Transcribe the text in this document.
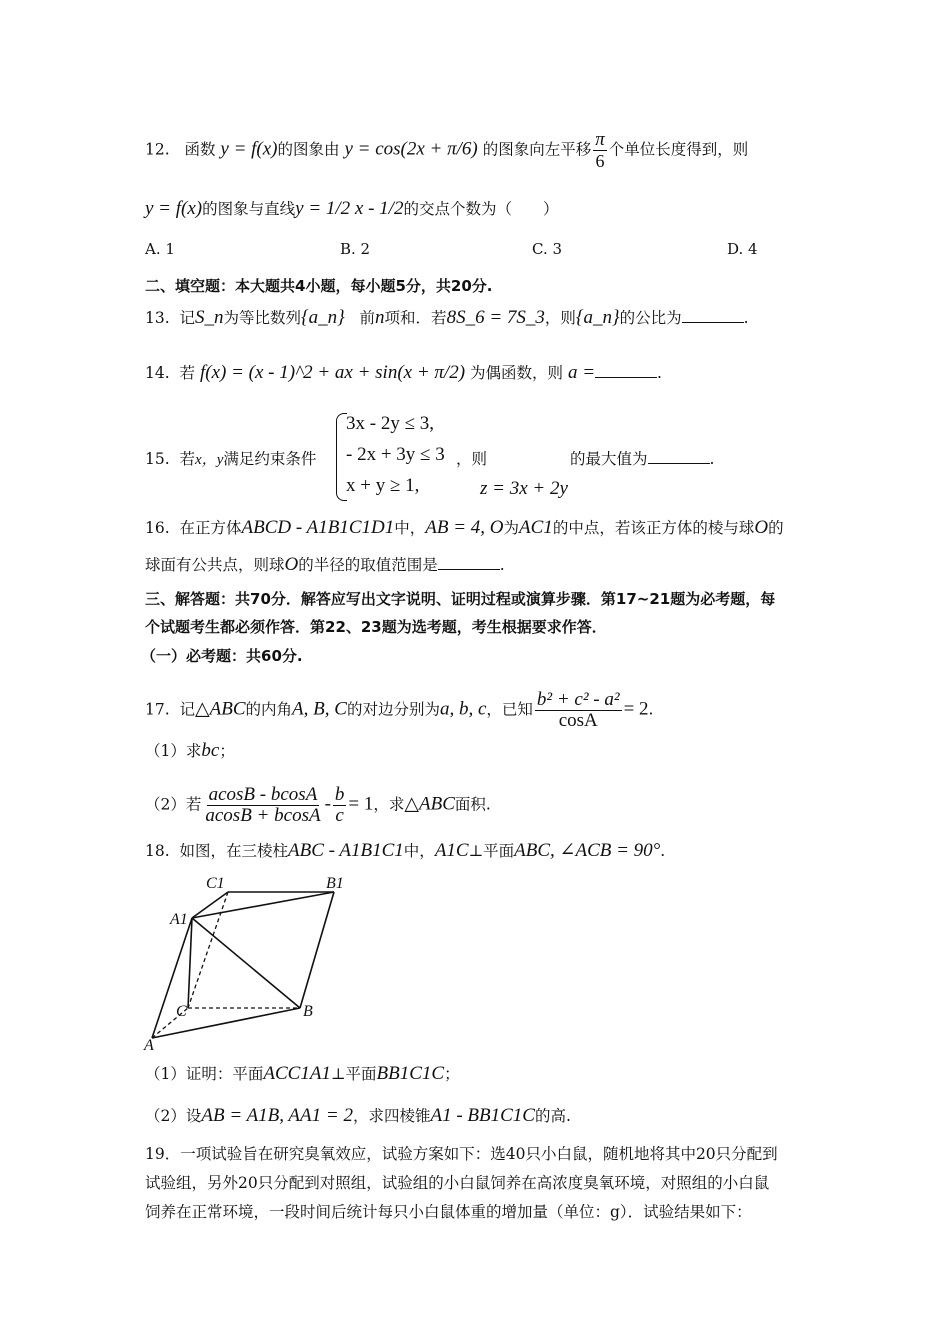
12. 函数 y = f(x)的图象由 y = cos(2x + π/6) 的图象向左平移 $\frac{\pi}{6}$ 个单位长度得到，则
y = f(x)的图象与直线y = 1/2 x - 1/2的交点个数为（　　）
A. 1	B. 2	C. 3	D. 4
二、填空题：本大题共4小题，每小题5分，共20分.
13. 记S_n为等比数列{a_n} 前n项和．若8S_6 = 7S_3，则{a_n}的公比为	.
14. 若 f(x) = (x - 1)^2 + ax + sin(x + π/2) 为偶函数，则 a =	.
15. 若x，y满足约束条件
3x - 2y ≤ 3,
- 2x + 3y ≤ 3
x + y ≥ 1,
，则
z = 3x + 2y
的最大值为	.
16. 在正方体ABCD - A1B1C1D1中，AB = 4, O为AC1的中点，若该正方体的棱与球O的
球面有公共点，则球O的半径的取值范围是	.
三、解答题：共70分．解答应写出文字说明、证明过程或演算步骤．第17~21题为必考题，每
个试题考生都必须作答．第22、23题为选考题，考生根据要求作答．
（一）必考题：共60分.
17. 记△ABC的内角A, B, C的对边分别为a, b, c，已知 $\frac{\text{b² + c² - a²}}{\cos A} = 2$.
（1）求bc；
（2）若 $\frac{acosB - bcosA}{acosB + bcosA} - \frac{b}{c} = 1$，求△ABC面积.
18. 如图，在三棱柱ABC - A1B1C1中，A1C⊥平面ABC, ∠ACB = 90°.
C1	B1
A1
C	B
A
（1）证明：平面ACC1A1⊥平面BB1C1C；
（2）设AB = A1B, AA1 = 2，求四棱锥A1 - BB1C1C的高.
19．一项试验旨在研究臭氧效应，试验方案如下：选40只小白鼠，随机地将其中20只分配到
试验组，另外20只分配到对照组，试验组的小白鼠饲养在高浓度臭氧环境，对照组的小白鼠
饲养在正常环境，一段时间后统计每只小白鼠体重的增加量（单位：g）．试验结果如下：
